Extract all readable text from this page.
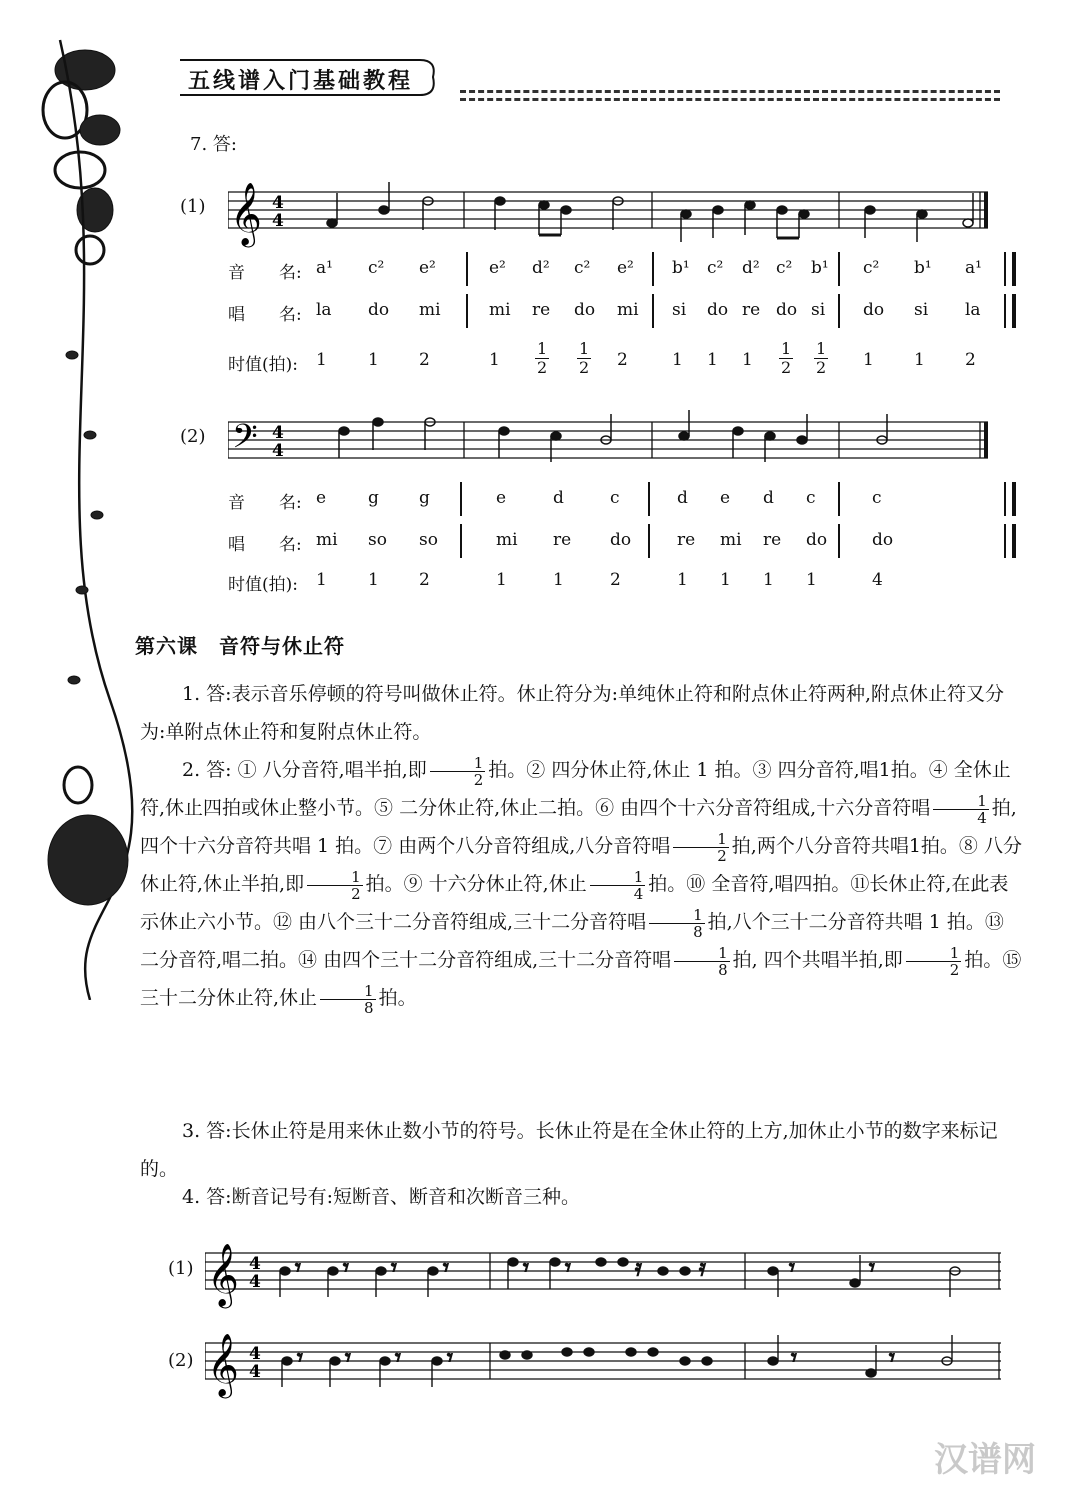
五线谱入门基础教程
7. 答:
(1) 𝄞 4
4
音　　名: a¹ c² e²	e² d² c² e² b¹ c² d² c² b¹ c² b¹ a¹
唱　　名: la do mi	mi re do mi si do re do si do si la
时值(拍): 1 1 2	$1 \frac{1}{2} \frac{1}{2} 2$	1 1 $1 \frac{1}{2} \frac{1}{2} 1$ 1 2
(2) 𝄢 4
4
音　　名: e g g	e	d	c	d e d c	c
唱　　名: mi so so	mi re do	re mi re do	do
时值(拍): 1 1 2	1	1	2	1 1 1 1	4
第六课　音符与休止符
1. 答:表示音乐停顿的符号叫做休止符。休止符分为:单纯休止符和附点休止符两种,附点休止符又分为:单附点休止符和复附点休止符。
2. 答: ① 八分音符,唱半拍,即 $\frac{1}{2}$ 拍。② 四分休止符,休止 1 拍。③ 四分音符,唱1拍。④ 全休止符,休止四拍或休止整小节。⑤ 二分休止符,休止二拍。⑥ 由四个十六分音符组成,十六分音符唱 $\frac{1}{4}$ 拍,四个十六分音符共唱 1 拍。⑦ 由两个八分音符组成,八分音符唱 $\frac{1}{2}$ 拍,两个八分音符共唱1拍。⑧ 八分休止符,休止半拍,即 $\frac{1}{2}$ 拍。⑨ 十六分休止符,休止 $\frac{1}{4}$ 拍。⑩ 全音符,唱四拍。⑪长休止符,在此表示休止六小节。⑫ 由八个三十二分音符组成,三十二分音符唱 $\frac{1}{8}$ 拍,八个三十二分音符共唱 1 拍。⑬ 二分音符,唱二拍。⑭ 由四个三十二分音符组成,三十二分音符唱 $\frac{1}{8}$ 拍, 四个共唱半拍,即 $\frac{1}{2}$ 拍。⑮ 三十二分休止符,休止 $\frac{1}{8}$ 拍。
3. 答:长休止符是用来休止数小节的符号。长休止符是在全休止符的上方,加休止小节的数字来标记的。
4. 答:断音记号有:短断音、断音和次断音三种。
(1) 𝄞 4
4
𝄾 𝄾 𝄾 𝄾	𝄾 𝄾	𝄿	𝄿	𝄾	𝄾
(2) 𝄞 4
4
𝄾 𝄾 𝄾 𝄾	𝄾	𝄾
汉谱网
